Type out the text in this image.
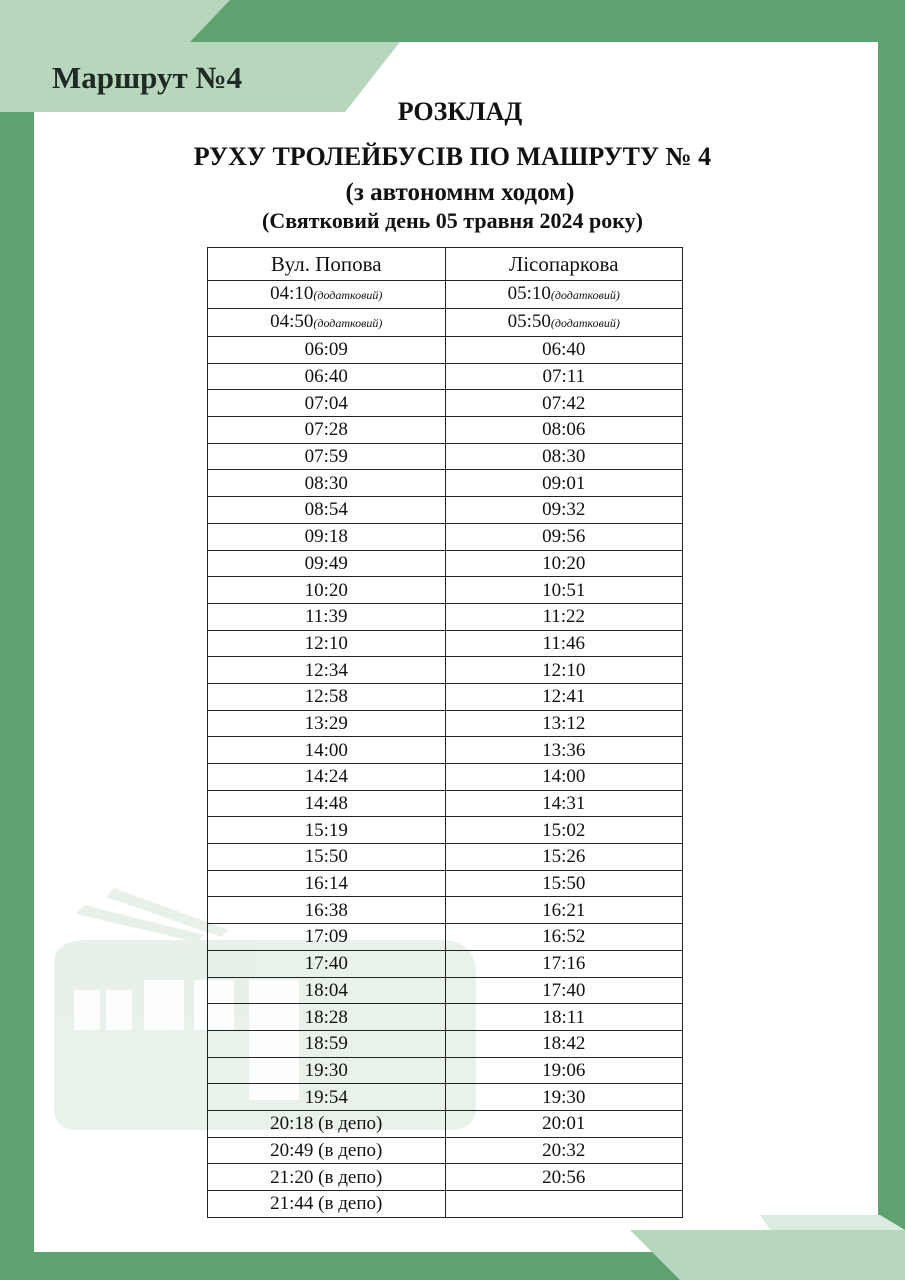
Маршрут №4
РОЗКЛАД
РУХУ ТРОЛЕЙБУСІВ ПО МАШРУТУ № 4
(з автономнм ходом)
(Святковий день 05 травня 2024 року)
Вул. Попова	Лісопаркова
04:10(додатковий)	05:10(додатковий)
04:50(додатковий)	05:50(додатковий)
06:09	06:40
06:40	07:11
07:04	07:42
07:28	08:06
07:59	08:30
08:30	09:01
08:54	09:32
09:18	09:56
09:49	10:20
10:20	10:51
11:39	11:22
12:10	11:46
12:34	12:10
12:58	12:41
13:29	13:12
14:00	13:36
14:24	14:00
14:48	14:31
15:19	15:02
15:50	15:26
16:14	15:50
16:38	16:21
17:09	16:52
17:40	17:16
18:04	17:40
18:28	18:11
18:59	18:42
19:30	19:06
19:54	19:30
20:18 (в депо)	20:01
20:49 (в депо)	20:32
21:20 (в депо)	20:56
21:44 (в депо)	
